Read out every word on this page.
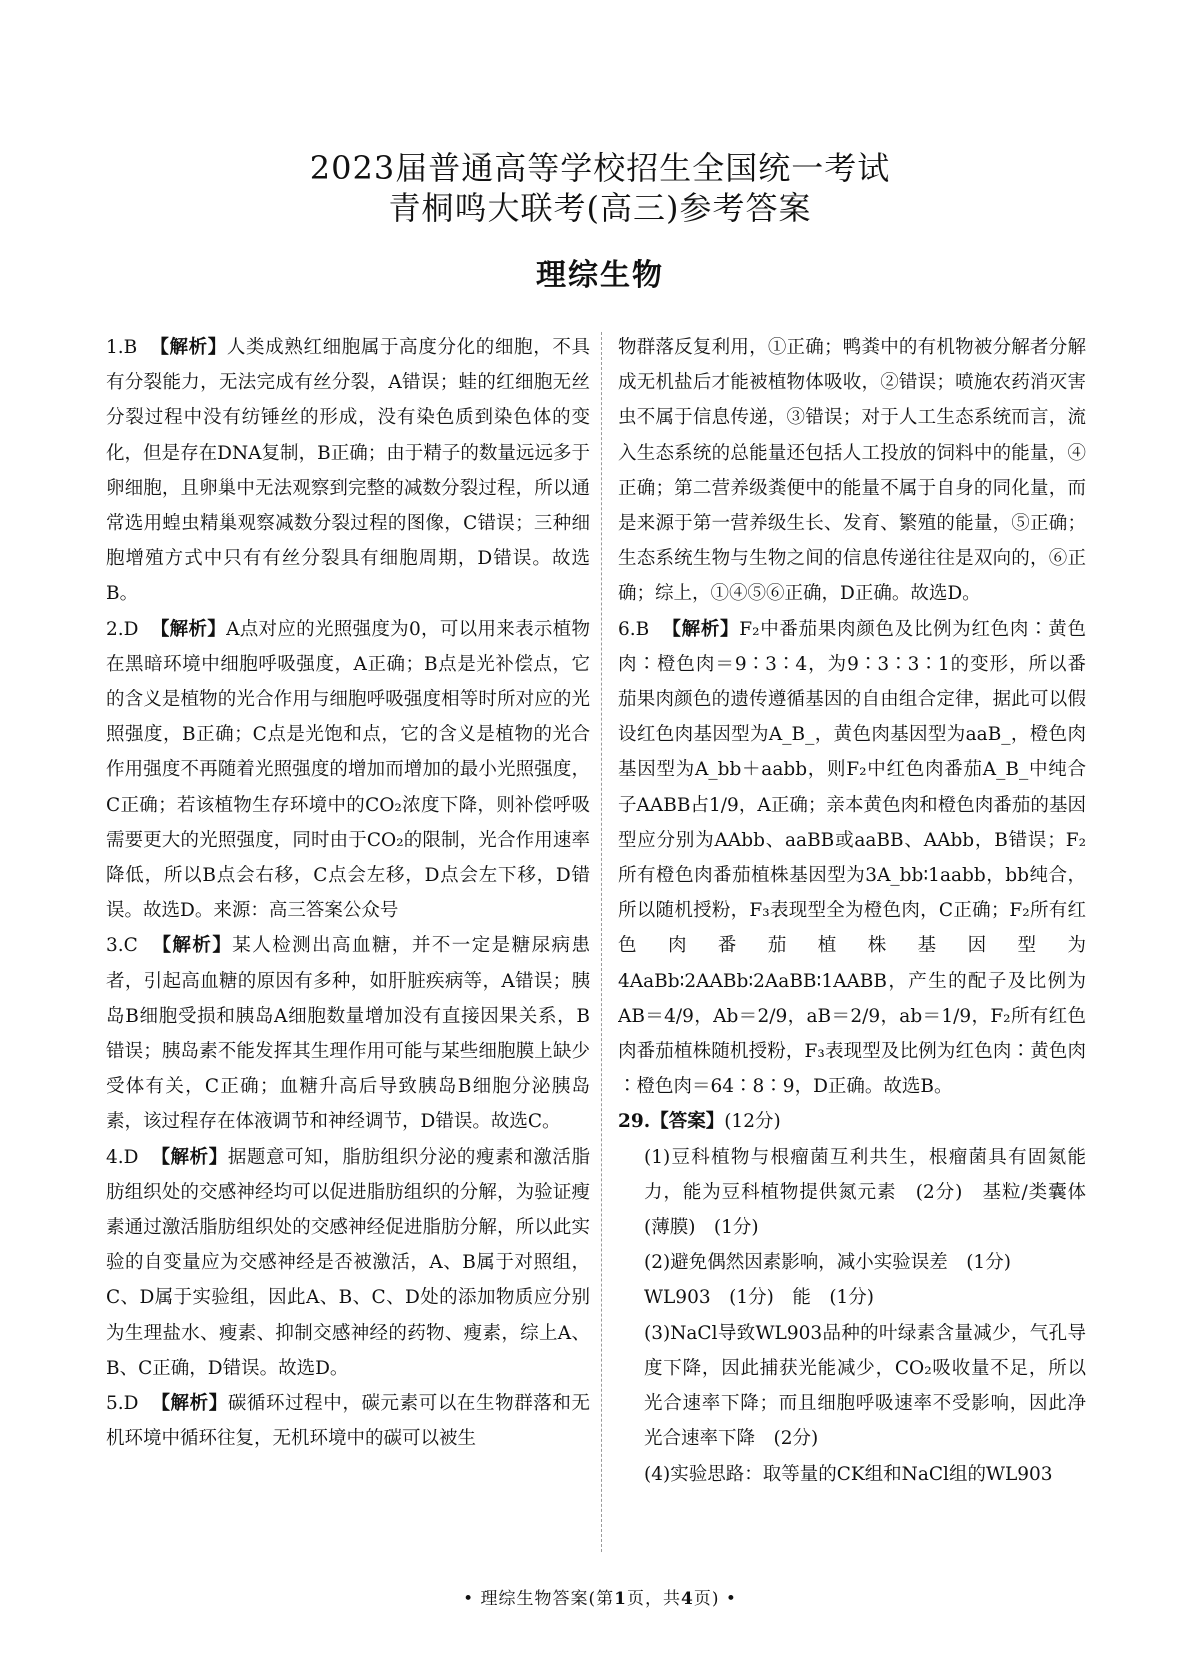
2023届普通高等学校招生全国统一考试
青桐鸣大联考(高三)参考答案
理综生物

1.B 【解析】人类成熟红细胞属于高度分化的细胞，不具有分裂能力，无法完成有丝分裂，A错误；蛙的红细胞无丝分裂过程中没有纺锤丝的形成，没有染色质到染色体的变化，但是存在DNA复制，B正确；由于精子的数量远远多于卵细胞，且卵巢中无法观察到完整的减数分裂过程，所以通常选用蝗虫精巢观察减数分裂过程的图像，C错误；三种细胞增殖方式中只有有丝分裂具有细胞周期，D错误。故选B。

2.D 【解析】A点对应的光照强度为0，可以用来表示植物在黑暗环境中细胞呼吸强度，A正确；B点是光补偿点，它的含义是植物的光合作用与细胞呼吸强度相等时所对应的光照强度，B正确；C点是光饱和点，它的含义是植物的光合作用强度不再随着光照强度的增加而增加的最小光照强度，C正确；若该植物生存环境中的CO₂浓度下降，则补偿呼吸需要更大的光照强度，同时由于CO₂的限制，光合作用速率降低，所以B点会右移，C点会左移，D点会左下移，D错误。故选D。来源：高三答案公众号

3.C 【解析】某人检测出高血糖，并不一定是糖尿病患者，引起高血糖的原因有多种，如肝脏疾病等，A错误；胰岛B细胞受损和胰岛A细胞数量增加没有直接因果关系，B错误；胰岛素不能发挥其生理作用可能与某些细胞膜上缺少受体有关，C正确；血糖升高后导致胰岛B细胞分泌胰岛素，该过程存在体液调节和神经调节，D错误。故选C。

4.D 【解析】据题意可知，脂肪组织分泌的瘦素和激活脂肪组织处的交感神经均可以促进脂肪组织的分解，为验证瘦素通过激活脂肪组织处的交感神经促进脂肪分解，所以此实验的自变量应为交感神经是否被激活，A、B属于对照组，C、D属于实验组，因此A、B、C、D处的添加物质应分别为生理盐水、瘦素、抑制交感神经的药物、瘦素，综上A、B、C正确，D错误。故选D。

5.D 【解析】碳循环过程中，碳元素可以在生物群落和无机环境中循环往复，无机环境中的碳可以被生

物群落反复利用，①正确；鸭粪中的有机物被分解者分解成无机盐后才能被植物体吸收，②错误；喷施农药消灭害虫不属于信息传递，③错误；对于人工生态系统而言，流入生态系统的总能量还包括人工投放的饲料中的能量，④正确；第二营养级粪便中的能量不属于自身的同化量，而是来源于第一营养级生长、发育、繁殖的能量，⑤正确；生态系统生物与生物之间的信息传递往往是双向的，⑥正确；综上，①④⑤⑥正确，D正确。故选D。

6.B 【解析】F₂中番茄果肉颜色及比例为红色肉∶黄色肉∶橙色肉＝9∶3∶4，为9∶3∶3∶1的变形，所以番茄果肉颜色的遗传遵循基因的自由组合定律，据此可以假设红色肉基因型为A_B_，黄色肉基因型为aaB_，橙色肉基因型为A_bb＋aabb，则F₂中红色肉番茄A_B_中纯合子AABB占1/9，A正确；亲本黄色肉和橙色肉番茄的基因型应分别为AAbb、aaBB或aaBB、AAbb，B错误；F₂所有橙色肉番茄植株基因型为3A_bb∶1aabb，bb纯合，所以随机授粉，F₃表现型全为橙色肉，C正确；F₂所有红色肉番茄植株基因型为4AaBb∶2AABb∶2AaBB∶1AABB，产生的配子及比例为AB＝4/9，Ab＝2/9，aB＝2/9，ab＝1/9，F₂所有红色肉番茄植株随机授粉，F₃表现型及比例为红色肉∶黄色肉∶橙色肉＝64∶8∶9，D正确。故选B。

29.【答案】(12分)

(1)豆科植物与根瘤菌互利共生，根瘤菌具有固氮能力，能为豆科植物提供氮元素　(2分)　基粒/类囊体(薄膜)　(1分)

(2)避免偶然因素影响，减小实验误差　(1分)

WL903　(1分)　能　(1分)

(3)NaCl导致WL903品种的叶绿素含量减少，气孔导度下降，因此捕获光能减少，CO₂吸收量不足，所以光合速率下降；而且细胞呼吸速率不受影响，因此净光合速率下降　(2分)

(4)实验思路：取等量的CK组和NaCl组的WL903

• 理综生物答案(第1页，共4页) •
